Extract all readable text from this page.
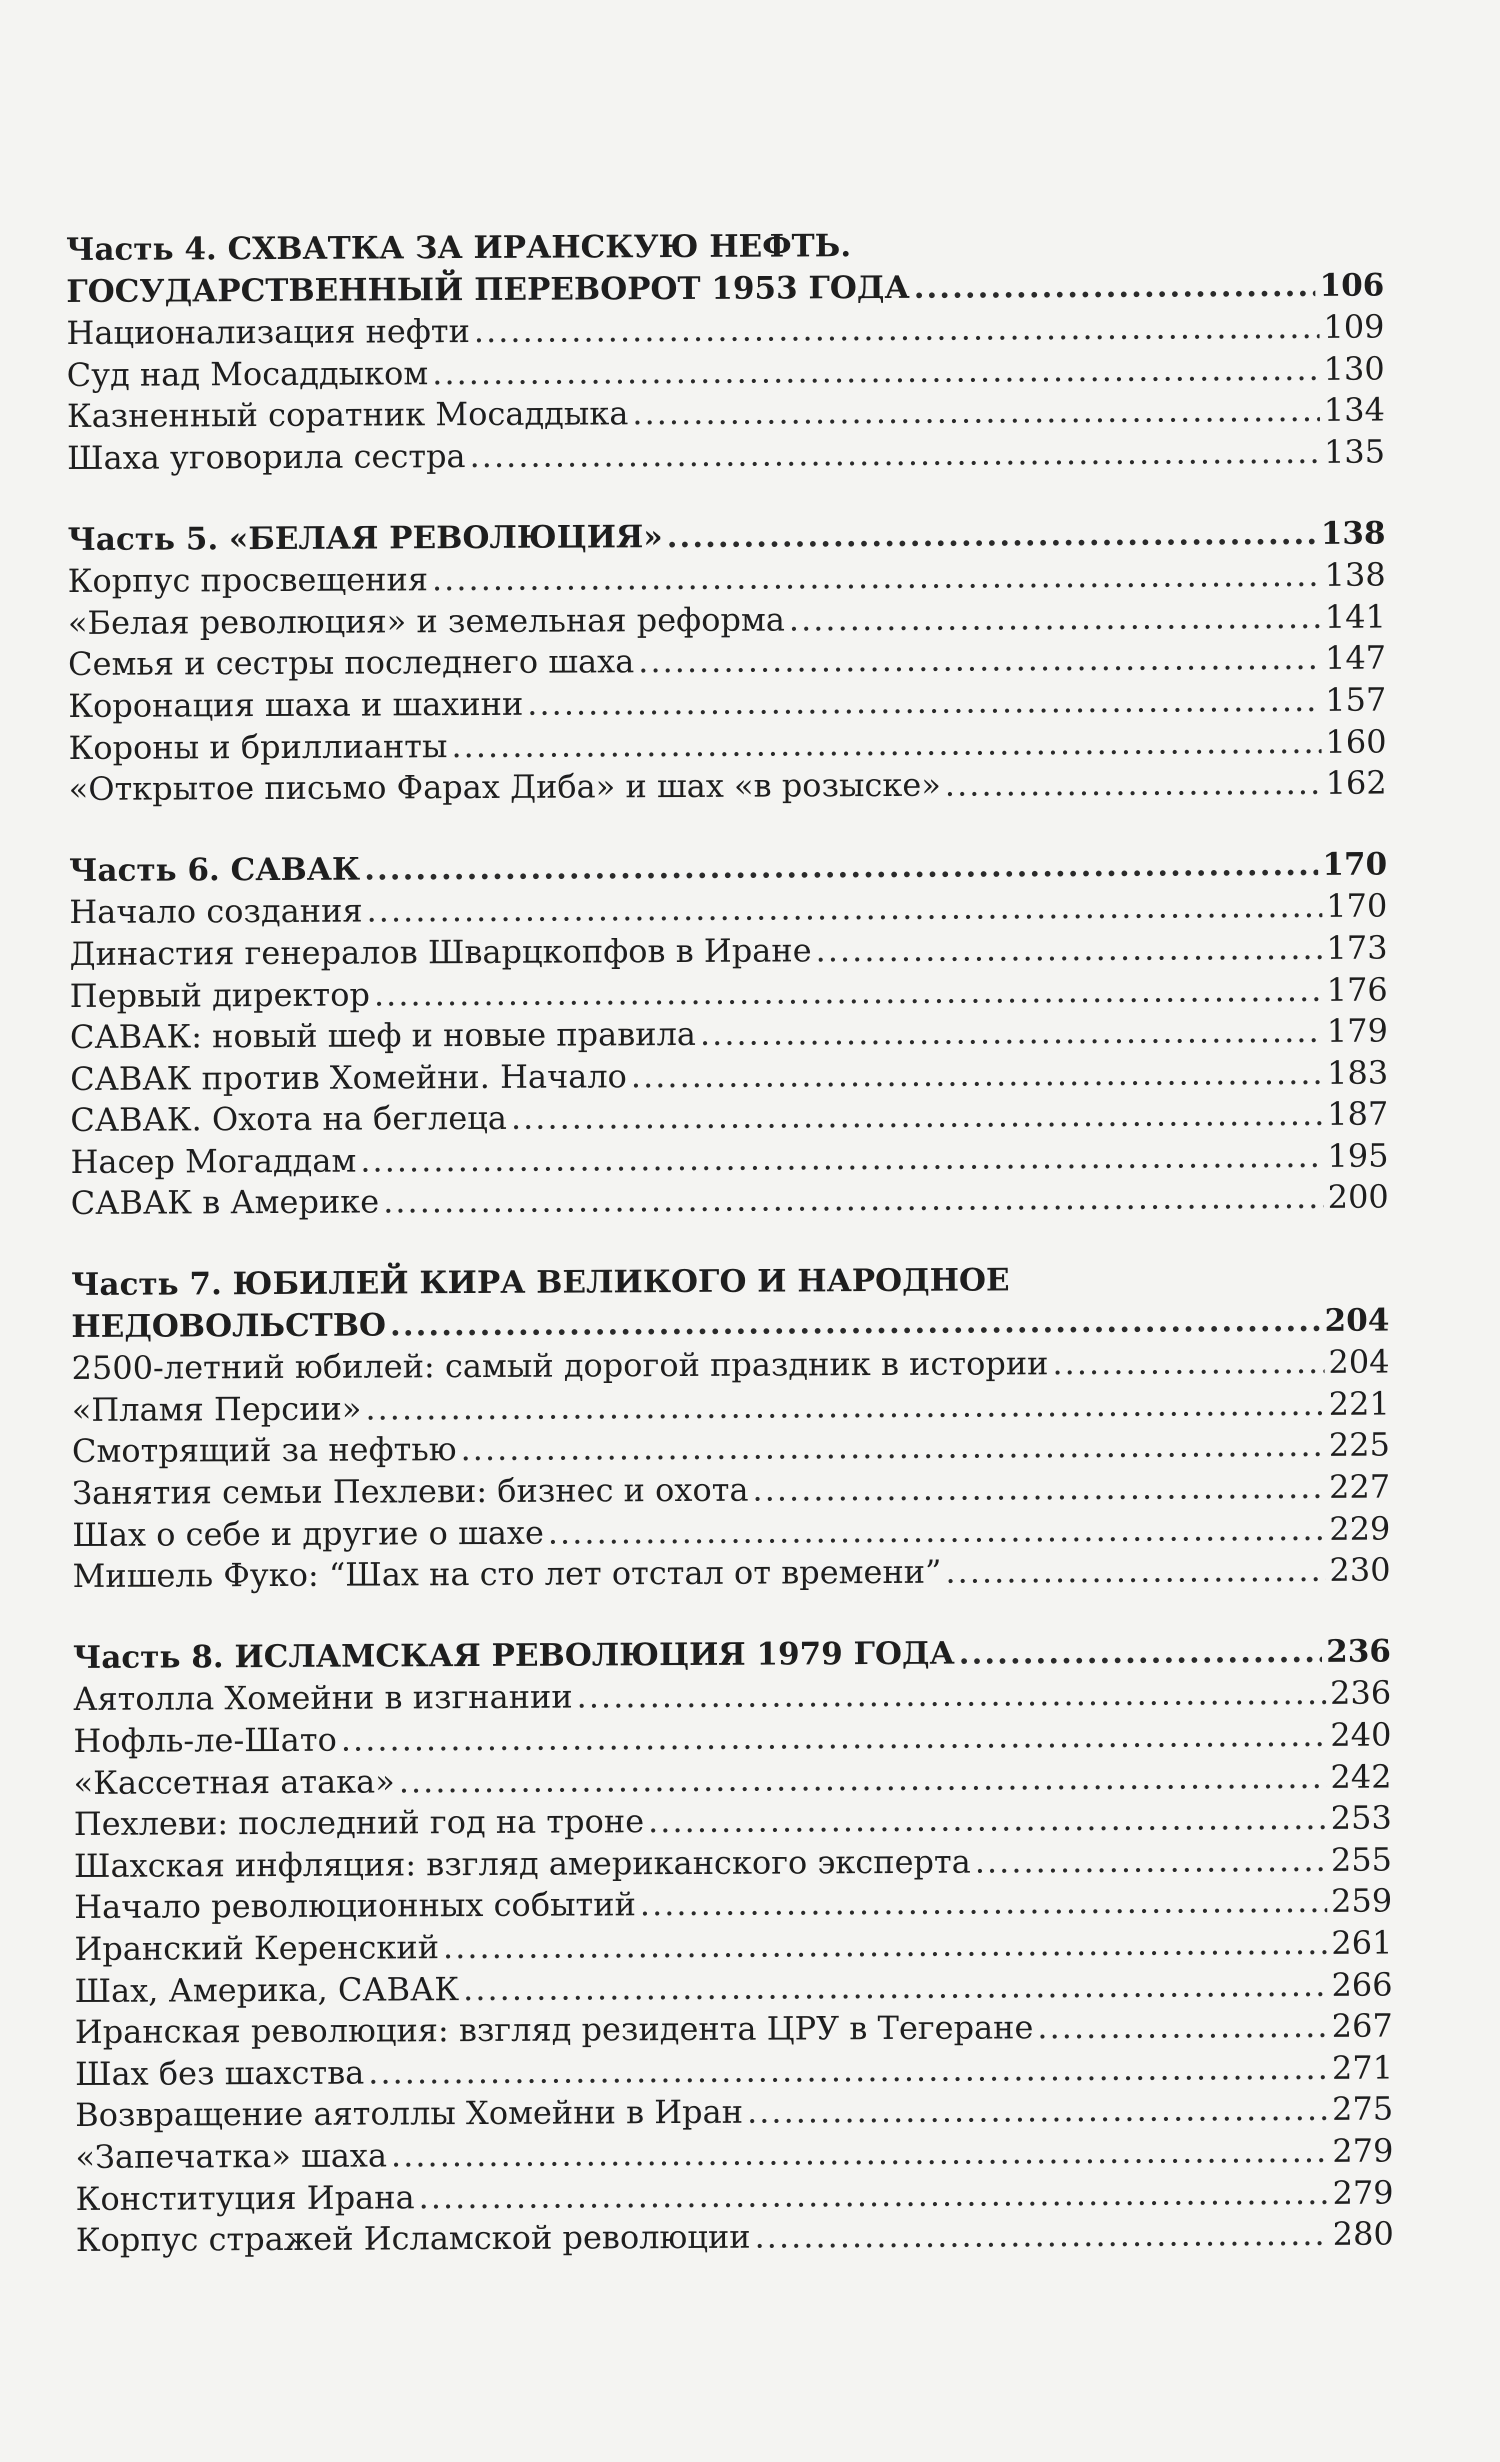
Часть 4. СХВАТКА ЗА ИРАНСКУЮ НЕФТЬ.
ГОСУДАРСТВЕННЫЙ ПЕРЕВОРОТ 1953 ГОДА .....	106
Национализация нефти .....	109
Суд над Мосаддыком .....	130
Казненный соратник Мосаддыка .....	134
Шаха уговорила сестра .....	135
Часть 5. «БЕЛАЯ РЕВОЛЮЦИЯ» .....	138
Корпус просвещения .....	138
«Белая революция» и земельная реформа .....	141
Семья и сестры последнего шаха .....	147
Коронация шаха и шахини .....	157
Короны и бриллианты .....	160
«Открытое письмо Фарах Диба» и шах «в розыске» .....	162
Часть 6. САВАК .....	170
Начало создания .....	170
Династия генералов Шварцкопфов в Иране .....	173
Первый директор .....	176
САВАК: новый шеф и новые правила .....	179
САВАК против Хомейни. Начало .....	183
САВАК. Охота на беглеца .....	187
Насер Могаддам .....	195
САВАК в Америке .....	200
Часть 7. ЮБИЛЕЙ КИРА ВЕЛИКОГО И НАРОДНОЕ
НЕДОВОЛЬСТВО .....	204
2500-летний юбилей: самый дорогой праздник в истории .....	204
«Пламя Персии» .....	221
Смотрящий за нефтью .....	225
Занятия семьи Пехлеви: бизнес и охота .....	227
Шах о себе и другие о шахе .....	229
Мишель Фуко: “Шах на сто лет отстал от времени” .....	230
Часть 8. ИСЛАМСКАЯ РЕВОЛЮЦИЯ 1979 ГОДА .....	236
Аятолла Хомейни в изгнании .....	236
Нофль-ле-Шато .....	240
«Кассетная атака» .....	242
Пехлеви: последний год на троне .....	253
Шахская инфляция: взгляд американского эксперта .....	255
Начало революционных событий .....	259
Иранский Керенский .....	261
Шах, Америка, САВАК .....	266
Иранская революция: взгляд резидента ЦРУ в Тегеране .....	267
Шах без шахства .....	271
Возвращение аятоллы Хомейни в Иран .....	275
«Запечатка» шаха .....	279
Конституция Ирана .....	279
Корпус стражей Исламской революции .....	280
